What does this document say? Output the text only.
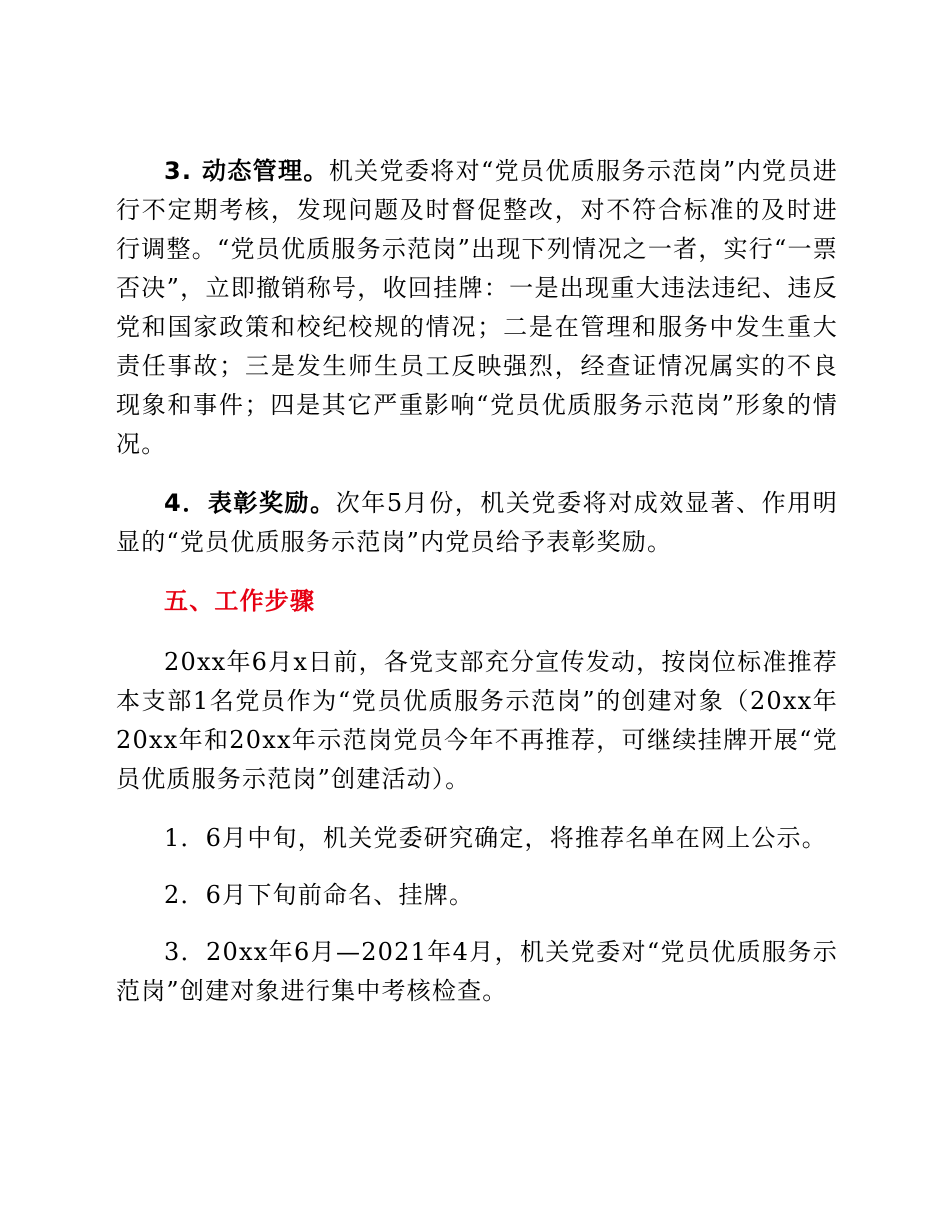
3. 动态管理。机关党委将对“党员优质服务示范岗”内党员进行不定期考核，发现问题及时督促整改，对不符合标准的及时进行调整。“党员优质服务示范岗”出现下列情况之一者，实行“一票否决”，立即撤销称号，收回挂牌：一是出现重大违法违纪、违反党和国家政策和校纪校规的情况；二是在管理和服务中发生重大责任事故；三是发生师生员工反映强烈，经查证情况属实的不良现象和事件；四是其它严重影响“党员优质服务示范岗”形象的情况。

4．表彰奖励。次年5月份，机关党委将对成效显著、作用明显的“党员优质服务示范岗”内党员给予表彰奖励。

五、工作步骤

20xx年6月x日前，各党支部充分宣传发动，按岗位标准推荐本支部1名党员作为“党员优质服务示范岗”的创建对象（20xx年20xx年和20xx年示范岗党员今年不再推荐，可继续挂牌开展“党员优质服务示范岗”创建活动）。

1．6月中旬，机关党委研究确定，将推荐名单在网上公示。

2．6月下旬前命名、挂牌。

3．20xx年6月—2021年4月，机关党委对“党员优质服务示范岗”创建对象进行集中考核检查。
